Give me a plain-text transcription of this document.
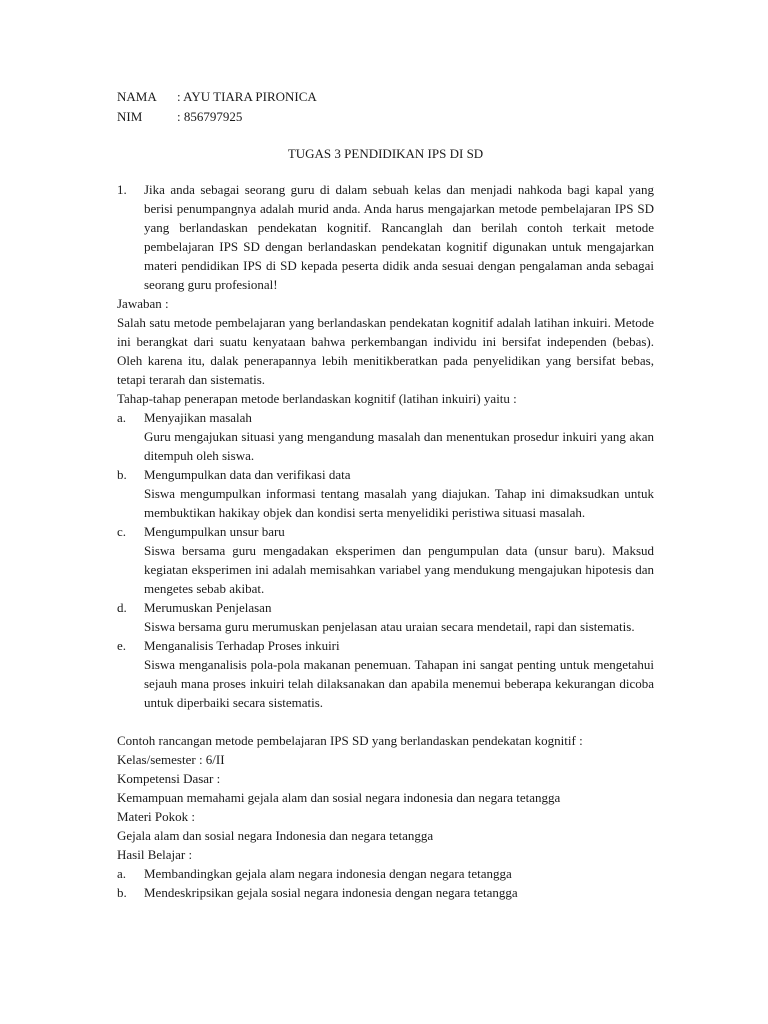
NAMA	: AYU TIARA PIRONICA
NIM	: 856797925
TUGAS 3 PENDIDIKAN IPS DI SD
1.	Jika anda sebagai seorang guru di dalam sebuah kelas dan menjadi nahkoda bagi kapal yang berisi penumpangnya adalah murid anda. Anda harus mengajarkan metode pembelajaran IPS SD yang berlandaskan pendekatan kognitif. Rancanglah dan berilah contoh terkait metode pembelajaran IPS SD dengan berlandaskan pendekatan kognitif digunakan untuk mengajarkan materi pendidikan IPS di SD kepada peserta didik anda sesuai dengan pengalaman anda sebagai seorang guru profesional!

Jawaban :

Salah satu metode pembelajaran yang berlandaskan pendekatan kognitif adalah latihan inkuiri. Metode ini berangkat dari suatu kenyataan bahwa perkembangan individu ini bersifat independen (bebas). Oleh karena itu, dalak penerapannya lebih menitikberatkan pada penyelidikan yang bersifat bebas, tetapi terarah dan sistematis.

Tahap-tahap penerapan metode berlandaskan kognitif (latihan inkuiri) yaitu :

a.	Menyajikan masalah

Guru mengajukan situasi yang mengandung masalah dan menentukan prosedur inkuiri yang akan ditempuh oleh siswa.

b.	Mengumpulkan data dan verifikasi data

Siswa mengumpulkan informasi tentang masalah yang diajukan. Tahap ini dimaksudkan untuk membuktikan hakikay objek dan kondisi serta menyelidiki peristiwa situasi masalah.

c.	Mengumpulkan unsur baru

Siswa bersama guru mengadakan eksperimen dan pengumpulan data (unsur baru). Maksud kegiatan eksperimen ini adalah memisahkan variabel yang mendukung mengajukan hipotesis dan mengetes sebab akibat.

d.	Merumuskan Penjelasan

Siswa bersama guru merumuskan penjelasan atau uraian secara mendetail, rapi dan sistematis.

e.	Menganalisis Terhadap Proses inkuiri

Siswa menganalisis pola-pola makanan penemuan. Tahapan ini sangat penting untuk mengetahui sejauh mana proses inkuiri telah dilaksanakan dan apabila menemui beberapa kekurangan dicoba untuk diperbaiki secara sistematis.

Contoh rancangan metode pembelajaran IPS SD yang berlandaskan pendekatan kognitif :

Kelas/semester : 6/II

Kompetensi Dasar :

Kemampuan memahami gejala alam dan sosial negara indonesia dan negara tetangga

Materi Pokok :

Gejala alam dan sosial negara Indonesia dan negara tetangga

Hasil Belajar :

a.	Membandingkan gejala alam negara indonesia dengan negara tetangga

b.	Mendeskripsikan gejala sosial negara indonesia dengan negara tetangga
